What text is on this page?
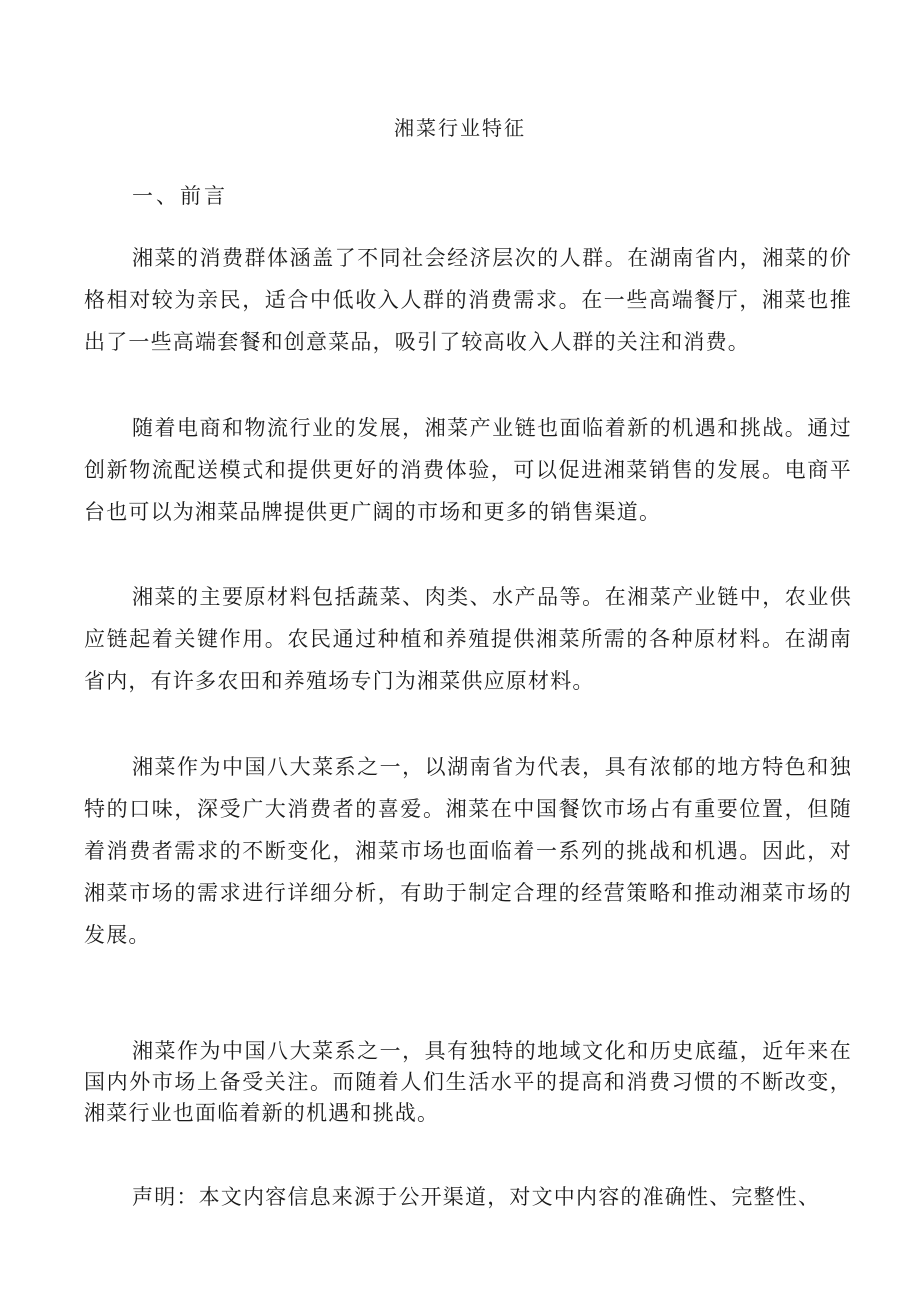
湘菜行业特征
一、前言

湘菜的消费群体涵盖了不同社会经济层次的人群。在湖南省内，湘菜的价格相对较为亲民，适合中低收入人群的消费需求。在一些高端餐厅，湘菜也推出了一些高端套餐和创意菜品，吸引了较高收入人群的关注和消费。

随着电商和物流行业的发展，湘菜产业链也面临着新的机遇和挑战。通过创新物流配送模式和提供更好的消费体验，可以促进湘菜销售的发展。电商平台也可以为湘菜品牌提供更广阔的市场和更多的销售渠道。

湘菜的主要原材料包括蔬菜、肉类、水产品等。在湘菜产业链中，农业供应链起着关键作用。农民通过种植和养殖提供湘菜所需的各种原材料。在湖南省内，有许多农田和养殖场专门为湘菜供应原材料。

湘菜作为中国八大菜系之一，以湖南省为代表，具有浓郁的地方特色和独特的口味，深受广大消费者的喜爱。湘菜在中国餐饮市场占有重要位置，但随着消费者需求的不断变化，湘菜市场也面临着一系列的挑战和机遇。因此，对湘菜市场的需求进行详细分析，有助于制定合理的经营策略和推动湘菜市场的发展。

湘菜作为中国八大菜系之一，具有独特的地域文化和历史底蕴，近年来在国内外市场上备受关注。而随着人们生活水平的提高和消费习惯的不断改变，湘菜行业也面临着新的机遇和挑战。

声明：本文内容信息来源于公开渠道，对文中内容的准确性、完整性、
